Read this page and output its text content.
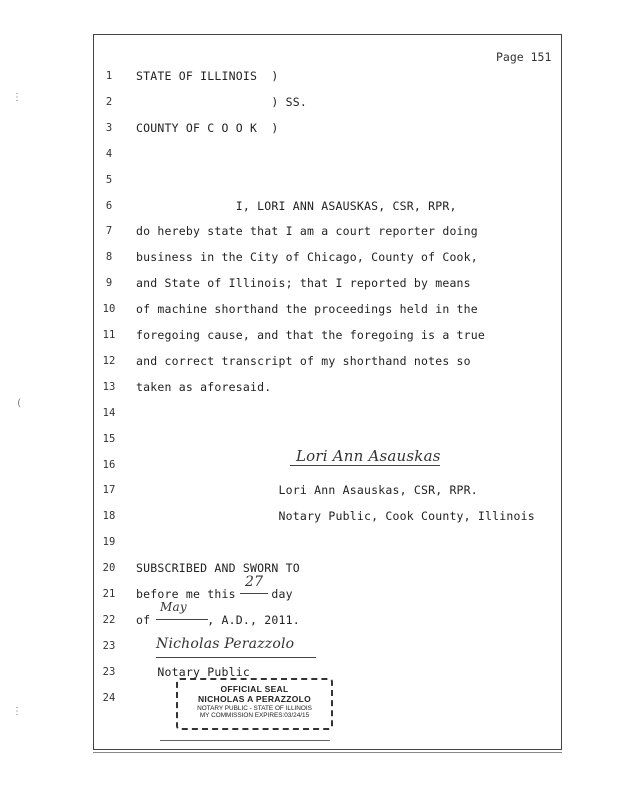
⋮
(
⋮
Page 151
1	STATE OF ILLINOIS  )
2	) SS.
3	COUNTY OF C O O K  )
4
5
6	I, LORI ANN ASAUSKAS, CSR, RPR,
7	do hereby state that I am a court reporter doing
8	business in the City of Chicago, County of Cook,
9	and State of Illinois; that I reported by means
10 of machine shorthand the proceedings held in the
11 foregoing cause, and that the foregoing is a true
12 and correct transcript of my shorthand notes so
13 taken as aforesaid.
14
15
16
17 Lori Ann Asauskas, CSR, RPR.
18 Notary Public, Cook County, Illinois
19
20 SUBSCRIBED AND SWORN TO
21 before me this     day
22 of        , A.D., 2011.
23
23 Notary Public
24
Lori Ann Asauskas
27
May
Nicholas Perazzolo
OFFICIAL SEAL
NICHOLAS A PERAZZOLO
NOTARY PUBLIC - STATE OF ILLINOIS
MY COMMISSION EXPIRES:03/24/15
